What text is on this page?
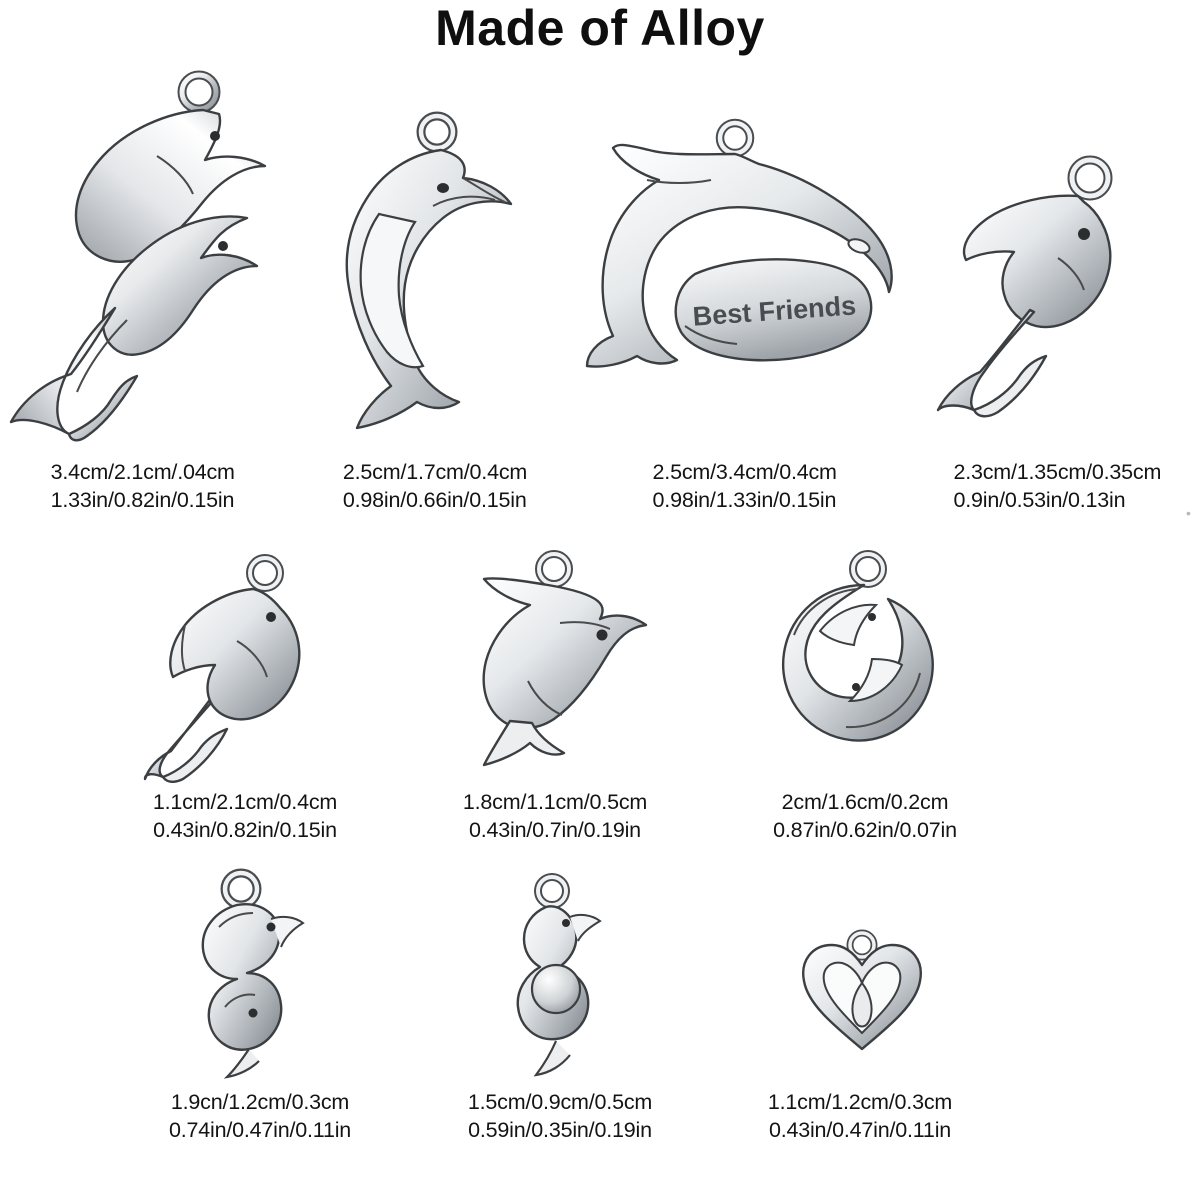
Made of Alloy
•
3.4cm/2.1cm/.04cm
1.33in/0.82in/0.15in
2.5cm/1.7cm/0.4cm
0.98in/0.66in/0.15in
Best Friends
2.5cm/3.4cm/0.4cm
0.98in/1.33in/0.15in
2.3cm/1.35cm/0.35cm
0.9in/0.53in/0.13in
1.1cm/2.1cm/0.4cm
0.43in/0.82in/0.15in
1.8cm/1.1cm/0.5cm
0.43in/0.7in/0.19in
2cm/1.6cm/0.2cm
0.87in/0.62in/0.07in
1.9cn/1.2cm/0.3cm
0.74in/0.47in/0.11in
1.5cm/0.9cm/0.5cm
0.59in/0.35in/0.19in
1.1cm/1.2cm/0.3cm
0.43in/0.47in/0.11in
